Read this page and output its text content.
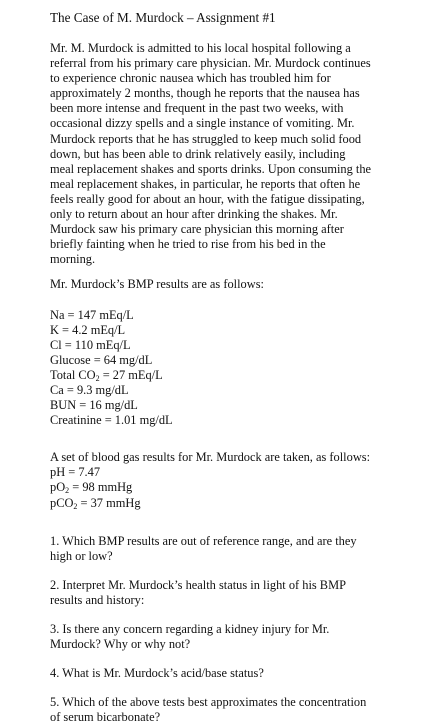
The Case of M. Murdock – Assignment #1

Mr. M. Murdock is admitted to his local hospital following a
referral from his primary care physician. Mr. Murdock continues
to experience chronic nausea which has troubled him for
approximately 2 months, though he reports that the nausea has
been more intense and frequent in the past two weeks, with
occasional dizzy spells and a single instance of vomiting. Mr.
Murdock reports that he has struggled to keep much solid food
down, but has been able to drink relatively easily, including
meal replacement shakes and sports drinks. Upon consuming the
meal replacement shakes, in particular, he reports that often he
feels really good for about an hour, with the fatigue dissipating,
only to return about an hour after drinking the shakes. Mr.
Murdock saw his primary care physician this morning after
briefly fainting when he tried to rise from his bed in the
morning.

Mr. Murdock’s BMP results are as follows:
Na = 147 mEq/L
K = 4.2 mEq/L
Cl = 110 mEq/L
Glucose = 64 mg/dL
Total $CO_2 = 27$ mEq/L
Ca = 9.3 mg/dL
BUN = 16 mg/dL
Creatinine = 1.01 mg/dL
A set of blood gas results for Mr. Murdock are taken, as follows:
pH = 7.47
$pO_2 = 98$ mmHg
pCO$_2$ = 37 mmHg

1. Which BMP results are out of reference range, and are they
high or low?

2. Interpret Mr. Murdock’s health status in light of his BMP
results and history:

3. Is there any concern regarding a kidney injury for Mr.
Murdock? Why or why not?

4. What is Mr. Murdock’s acid/base status?

5. Which of the above tests best approximates the concentration
of serum bicarbonate?
